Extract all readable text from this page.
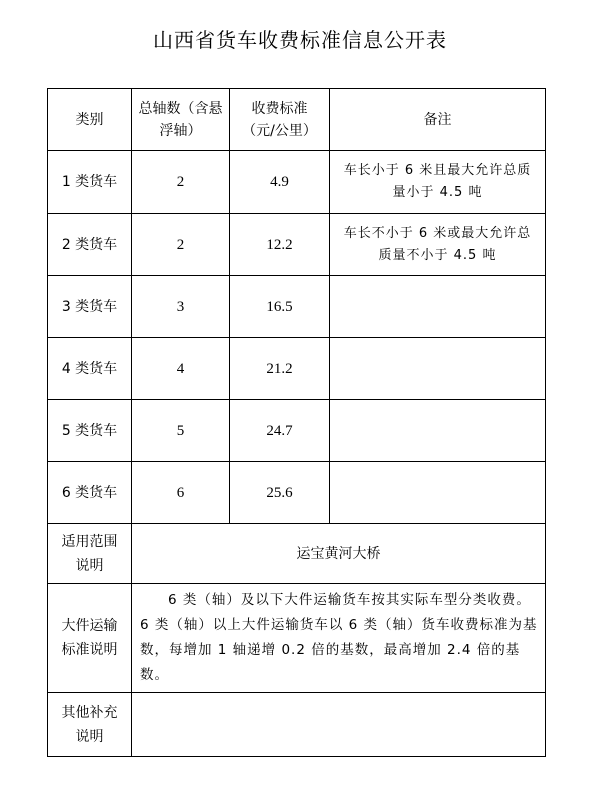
山西省货车收费标准信息公开表
类别	总轴数（含悬浮轴）	收费标准（元/公里）	备注
1 类货车	2	4.9	车长小于 6 米且最大允许总质量小于 4.5 吨
2 类货车	2	12.2	车长不小于 6 米或最大允许总质量不小于 4.5 吨
3 类货车	3	16.5	
4 类货车	4	21.2	
5 类货车	5	24.7	
6 类货车	6	25.6	
适用范围说明	运宝黄河大桥		
大件运输标准说明	6 类（轴）及以下大件运输货车按其实际车型分类收费。6 类（轴）以上大件运输货车以 6 类（轴）货车收费标准为基数，每增加 1 轴递增 0.2 倍的基数，最高增加 2.4 倍的基数。		
其他补充说明			
